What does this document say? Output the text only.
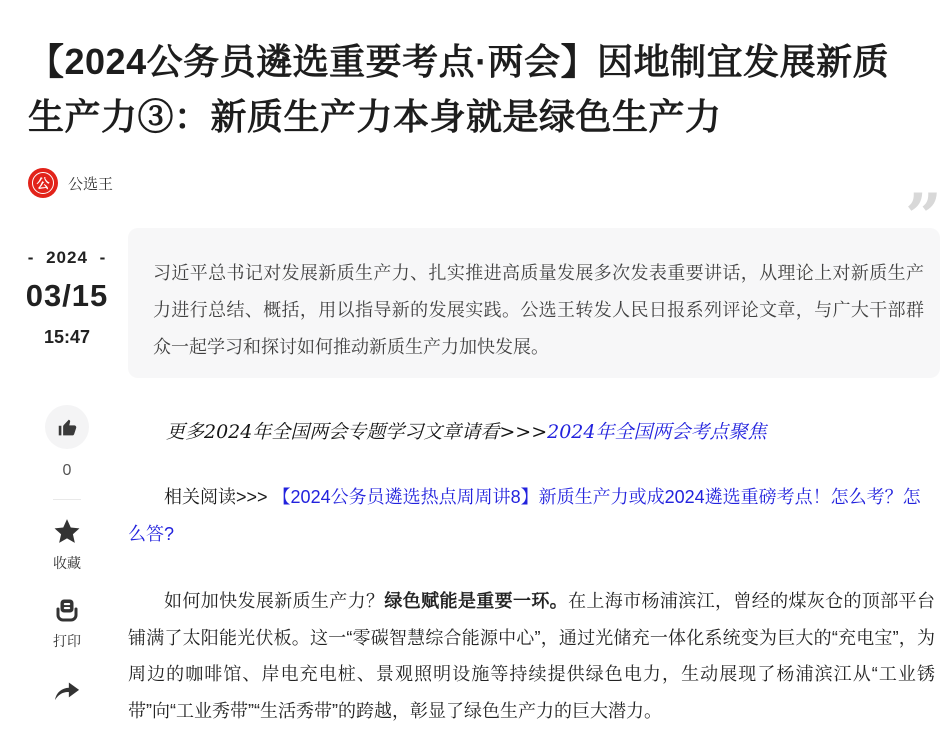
【2024公务员遴选重要考点·两会】因地制宜发展新质生产力③：新质生产力本身就是绿色生产力
公	公选王
- 2024 -
03/15
15:47
”

习近平总书记对发展新质生产力、扎实推进高质量发展多次发表重要讲话，从理论上对新质生产力进行总结、概括，用以指导新的发展实践。公选王转发人民日报系列评论文章，与广大干部群众一起学习和探讨如何推动新质生产力加快发展。

0
收藏
打印

更多2024年全国两会专题学习文章请看>>>2024年全国两会考点聚焦

相关阅读>>> 【2024公务员遴选热点周周讲8】新质生产力或成2024遴选重磅考点！怎么考？怎么答?

如何加快发展新质生产力？绿色赋能是重要一环。在上海市杨浦滨江，曾经的煤灰仓的顶部平台铺满了太阳能光伏板。这一“零碳智慧综合能源中心”，通过光储充一体化系统变为巨大的“充电宝”，为周边的咖啡馆、岸电充电桩、景观照明设施等持续提供绿色电力，生动展现了杨浦滨江从“工业锈带”向“工业秀带”“生活秀带”的跨越，彰显了绿色生产力的巨大潜力。
